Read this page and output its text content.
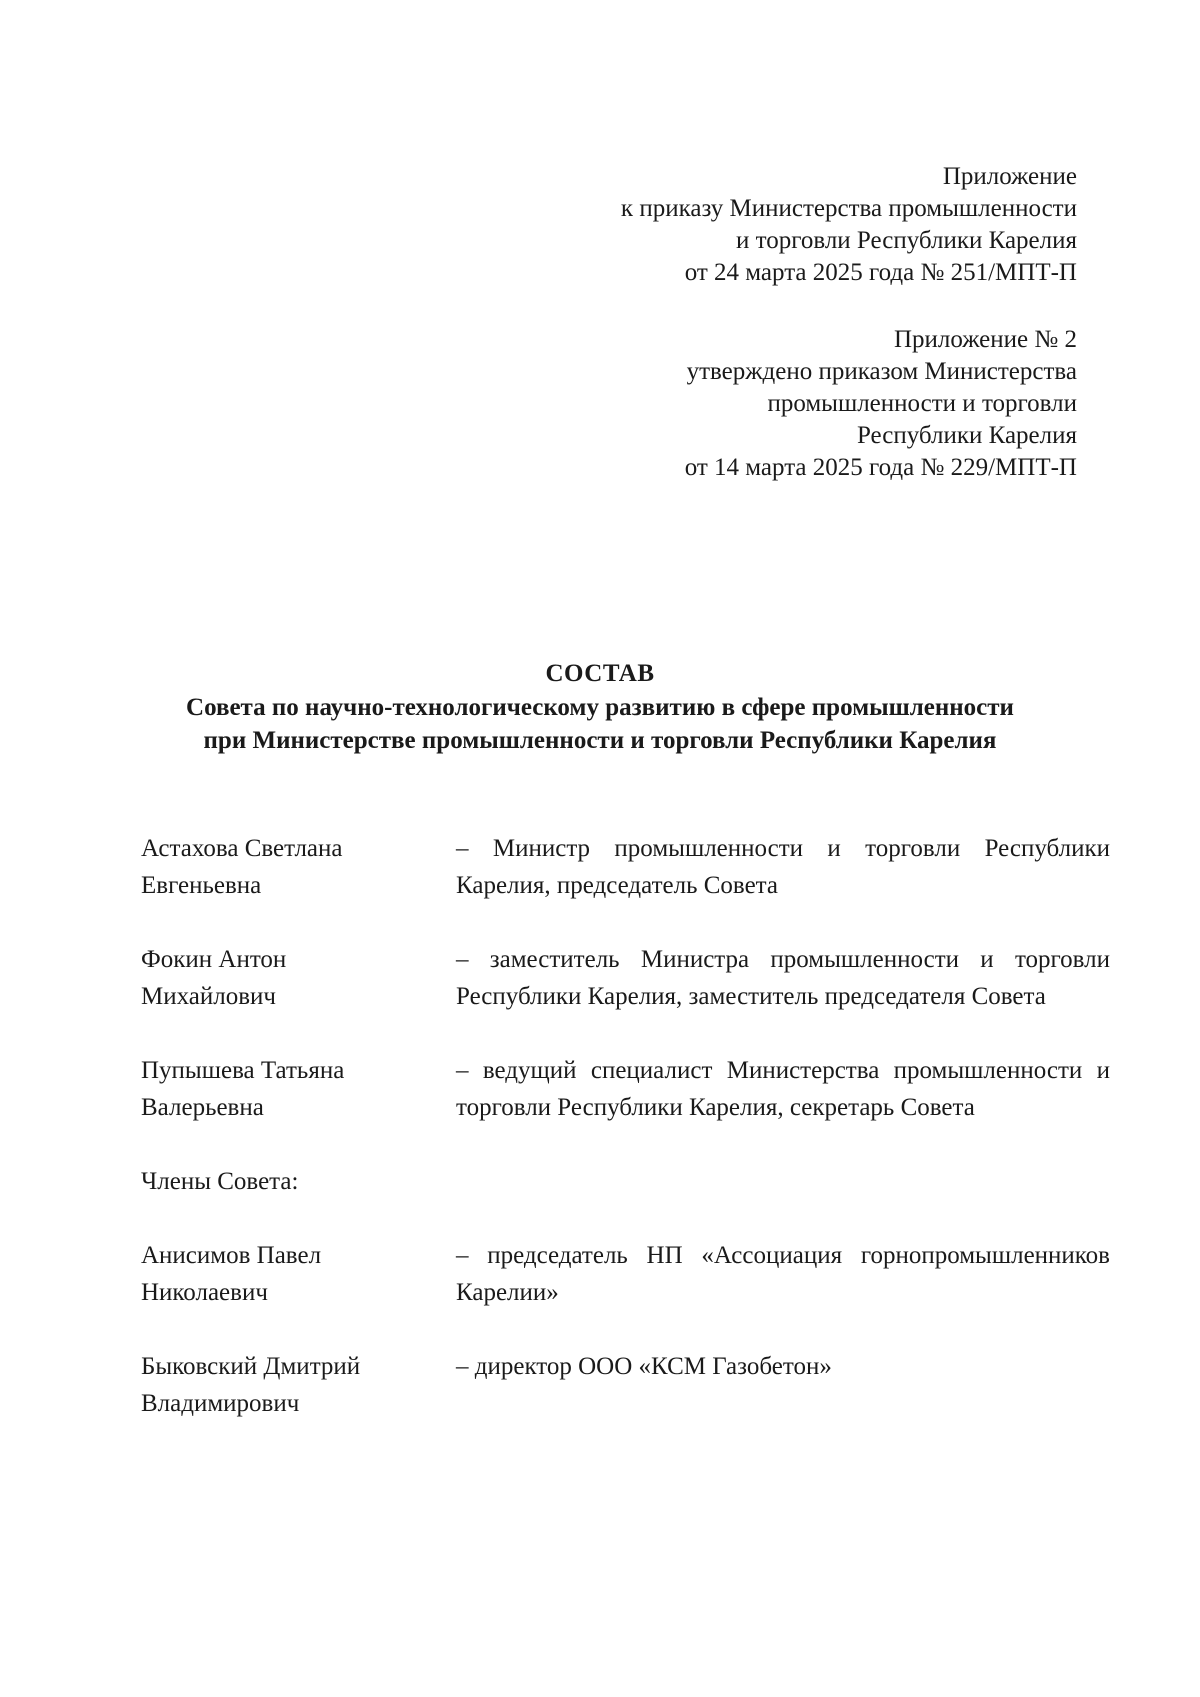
Приложение
к приказу Министерства промышленности
и торговли Республики Карелия
от 24 марта 2025 года № 251/МПТ-П
Приложение № 2
утверждено приказом Министерства
промышленности и торговли
Республики Карелия
от 14 марта 2025 года № 229/МПТ-П
СОСТАВ
Совета по научно-технологическому развитию в сфере промышленности
при Министерстве промышленности и торговли Республики Карелия
Астахова Светлана
Евгеньевна
– Министр промышленности и торговли Республики Карелия, председатель Совета
Фокин Антон
Михайлович
– заместитель Министра промышленности и торговли Республики Карелия, заместитель председателя Совета
Пупышева Татьяна
Валерьевна
– ведущий специалист Министерства промышленности и торговли Республики Карелия, секретарь Совета
Члены Совета:
Анисимов Павел
Николаевич
– председатель НП «Ассоциация горнопромышленников Карелии»
Быковский Дмитрий
Владимирович
– директор ООО «КСМ Газобетон»
